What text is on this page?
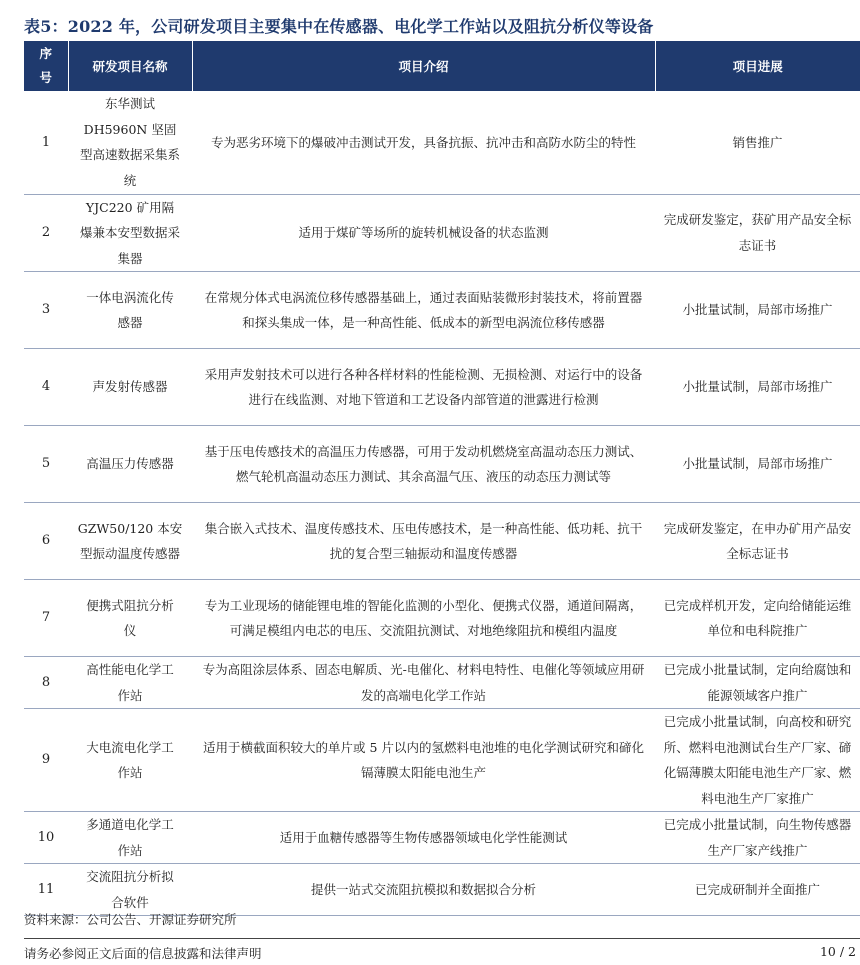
表5：2022 年，公司研发项目主要集中在传感器、电化学工作站以及阻抗分析仪等设备
序号	研发项目名称	项目介绍	项目进展
1	东华测试 DH5960N 坚固型高速数据采集系统	专为恶劣环境下的爆破冲击测试开发，具备抗振、抗冲击和高防水防尘的特性	销售推广
2	YJC220 矿用隔爆兼本安型数据采集器	适用于煤矿等场所的旋转机械设备的状态监测	完成研发鉴定，获矿用产品安全标志证书
3	一体电涡流化传感器	在常规分体式电涡流位移传感器基础上，通过表面贴装微形封装技术，将前置器和探头集成一体，是一种高性能、低成本的新型电涡流位移传感器	小批量试制，局部市场推广
4	声发射传感器	采用声发射技术可以进行各种各样材料的性能检测、无损检测、对运行中的设备进行在线监测、对地下管道和工艺设备内部管道的泄露进行检测	小批量试制，局部市场推广
5	高温压力传感器	基于压电传感技术的高温压力传感器，可用于发动机燃烧室高温动态压力测试、燃气轮机高温动态压力测试、其余高温气压、液压的动态压力测试等	小批量试制，局部市场推广
6	GZW50/120 本安型振动温度传感器	集合嵌入式技术、温度传感技术、压电传感技术，是一种高性能、低功耗、抗干扰的复合型三轴振动和温度传感器	完成研发鉴定，在申办矿用产品安全标志证书
7	便携式阻抗分析仪	专为工业现场的储能锂电堆的智能化监测的小型化、便携式仪器，通道间隔离，可满足模组内电芯的电压、交流阻抗测试、对地绝缘阻抗和模组内温度	已完成样机开发，定向给储能运维单位和电科院推广
8	高性能电化学工作站	专为高阻涂层体系、固态电解质、光-电催化、材料电特性、电催化等领域应用研发的高端电化学工作站	已完成小批量试制，定向给腐蚀和能源领域客户推广
9	大电流电化学工作站	适用于横截面积较大的单片或 5 片以内的氢燃料电池堆的电化学测试研究和碲化镉薄膜太阳能电池生产	已完成小批量试制，向高校和研究所、燃料电池测试台生产厂家、碲化镉薄膜太阳能电池生产厂家、燃料电池生产厂家推广
10	多通道电化学工作站	适用于血糖传感器等生物传感器领域电化学性能测试	已完成小批量试制，向生物传感器生产厂家产线推广
11	交流阻抗分析拟合软件	提供一站式交流阻抗模拟和数据拟合分析	已完成研制并全面推广
资料来源：公司公告、开源证券研究所
请务必参阅正文后面的信息披露和法律声明	10 / 2
